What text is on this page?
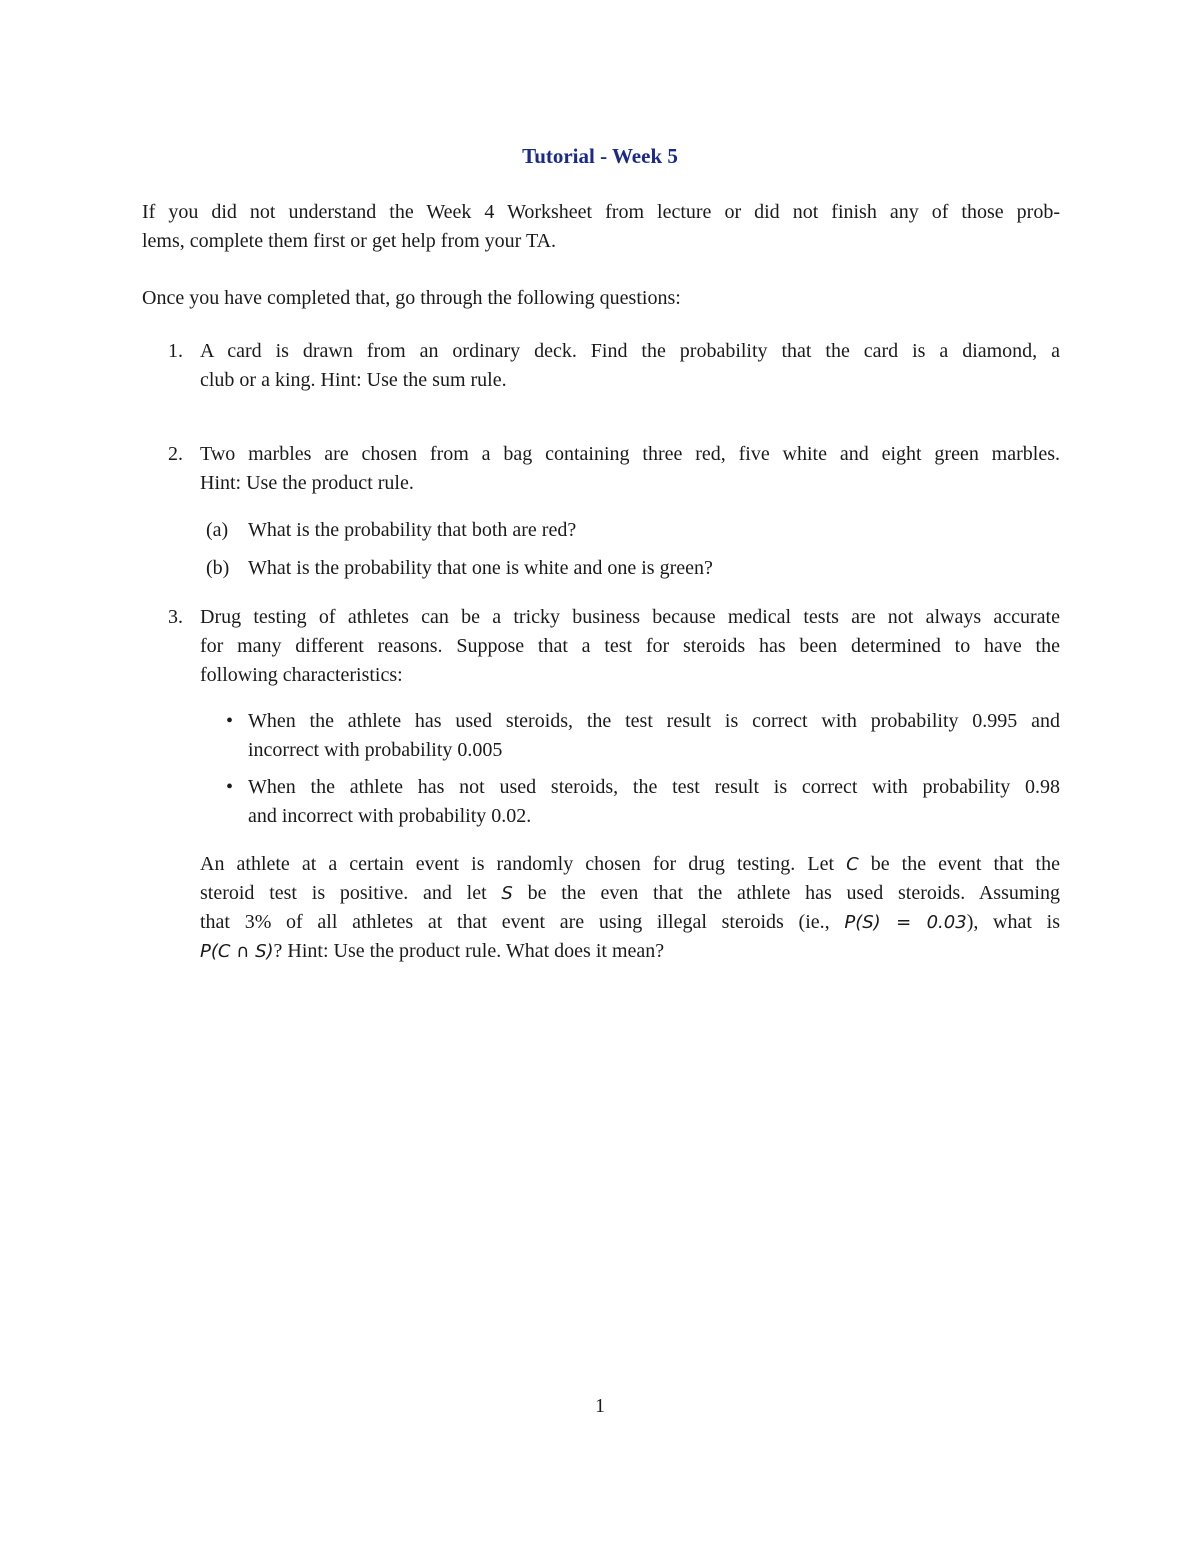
Tutorial - Week 5
If you did not understand the Week 4 Worksheet from lecture or did not finish any of those prob-
lems, complete them first or get help from your TA.
Once you have completed that, go through the following questions:
1. A card is drawn from an ordinary deck. Find the probability that the card is a diamond, a
club or a king. Hint: Use the sum rule.
2. Two marbles are chosen from a bag containing three red, five white and eight green marbles.
Hint: Use the product rule.
(a) What is the probability that both are red?
(b) What is the probability that one is white and one is green?
3. Drug testing of athletes can be a tricky business because medical tests are not always accurate
for many different reasons. Suppose that a test for steroids has been determined to have the
following characteristics:
• When the athlete has used steroids, the test result is correct with probability 0.995 and
incorrect with probability 0.005
• When the athlete has not used steroids, the test result is correct with probability 0.98
and incorrect with probability 0.02.
An athlete at a certain event is randomly chosen for drug testing. Let C be the event that the
steroid test is positive. and let S be the even that the athlete has used steroids. Assuming
that 3% of all athletes at that event are using illegal steroids (ie., P(S) = 0.03), what is
P(C ∩ S)? Hint: Use the product rule. What does it mean?
1
